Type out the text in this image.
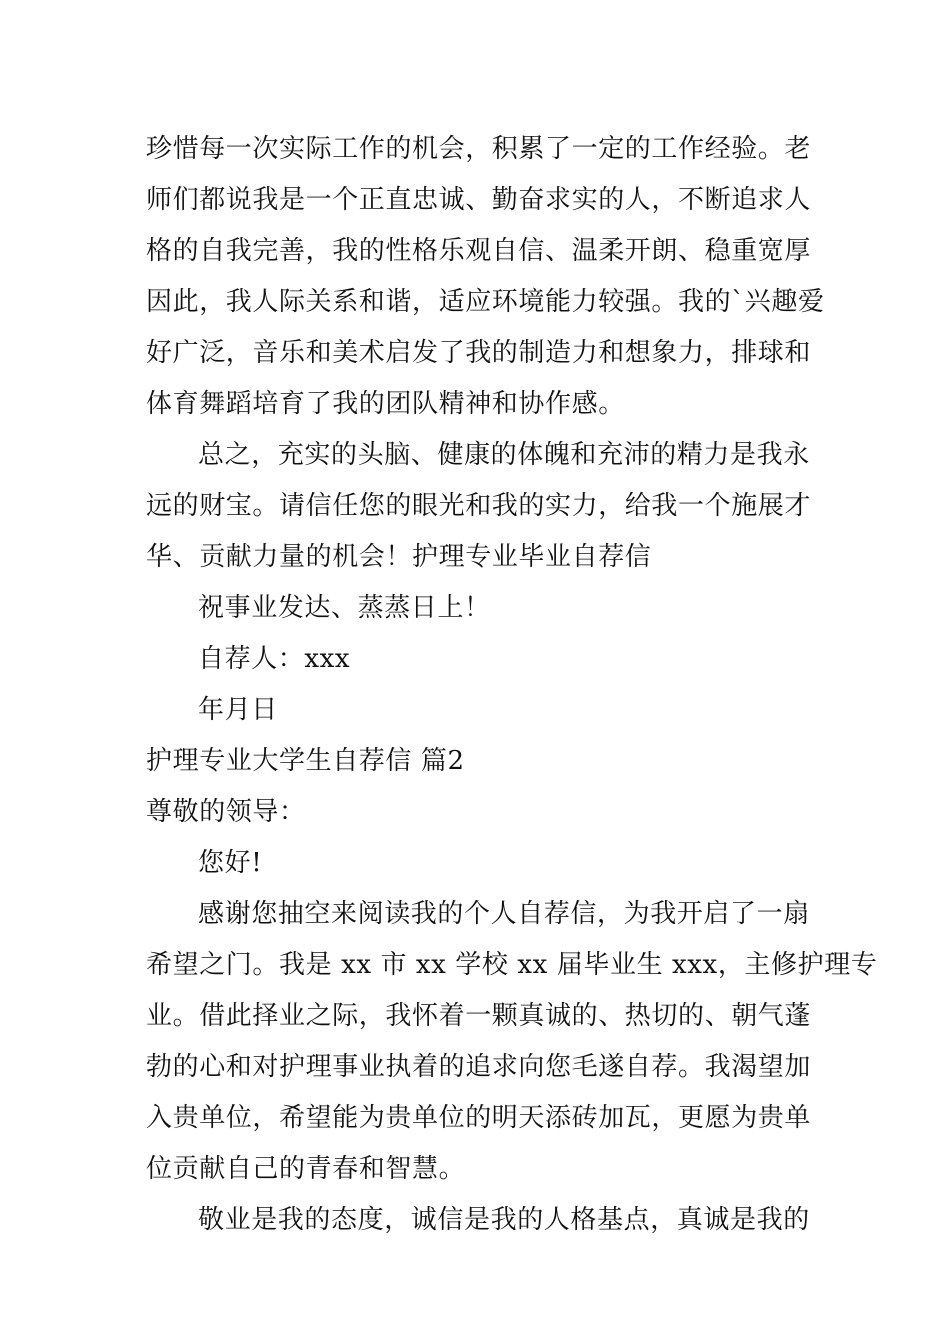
珍惜每一次实际工作的机会，积累了一定的工作经验。老
师们都说我是一个正直忠诚、勤奋求实的人，不断追求人
格的自我完善，我的性格乐观自信、温柔开朗、稳重宽厚
因此，我人际关系和谐，适应环境能力较强。我的`兴趣爱
好广泛，音乐和美术启发了我的制造力和想象力，排球和
体育舞蹈培育了我的团队精神和协作感。
总之，充实的头脑、健康的体魄和充沛的精力是我永
远的财宝。请信任您的眼光和我的实力，给我一个施展才
华、贡献力量的机会！护理专业毕业自荐信
祝事业发达、蒸蒸日上！
自荐人：xxx
年月日
护理专业大学生自荐信 篇2
尊敬的领导：
您好!
感谢您抽空来阅读我的个人自荐信，为我开启了一扇
希望之门。我是 xx 市 xx 学校 xx 届毕业生 xxx，主修护理专
业。借此择业之际，我怀着一颗真诚的、热切的、朝气蓬
勃的心和对护理事业执着的追求向您毛遂自荐。我渴望加
入贵单位，希望能为贵单位的明天添砖加瓦，更愿为贵单
位贡献自己的青春和智慧。
敬业是我的态度，诚信是我的人格基点，真诚是我的
